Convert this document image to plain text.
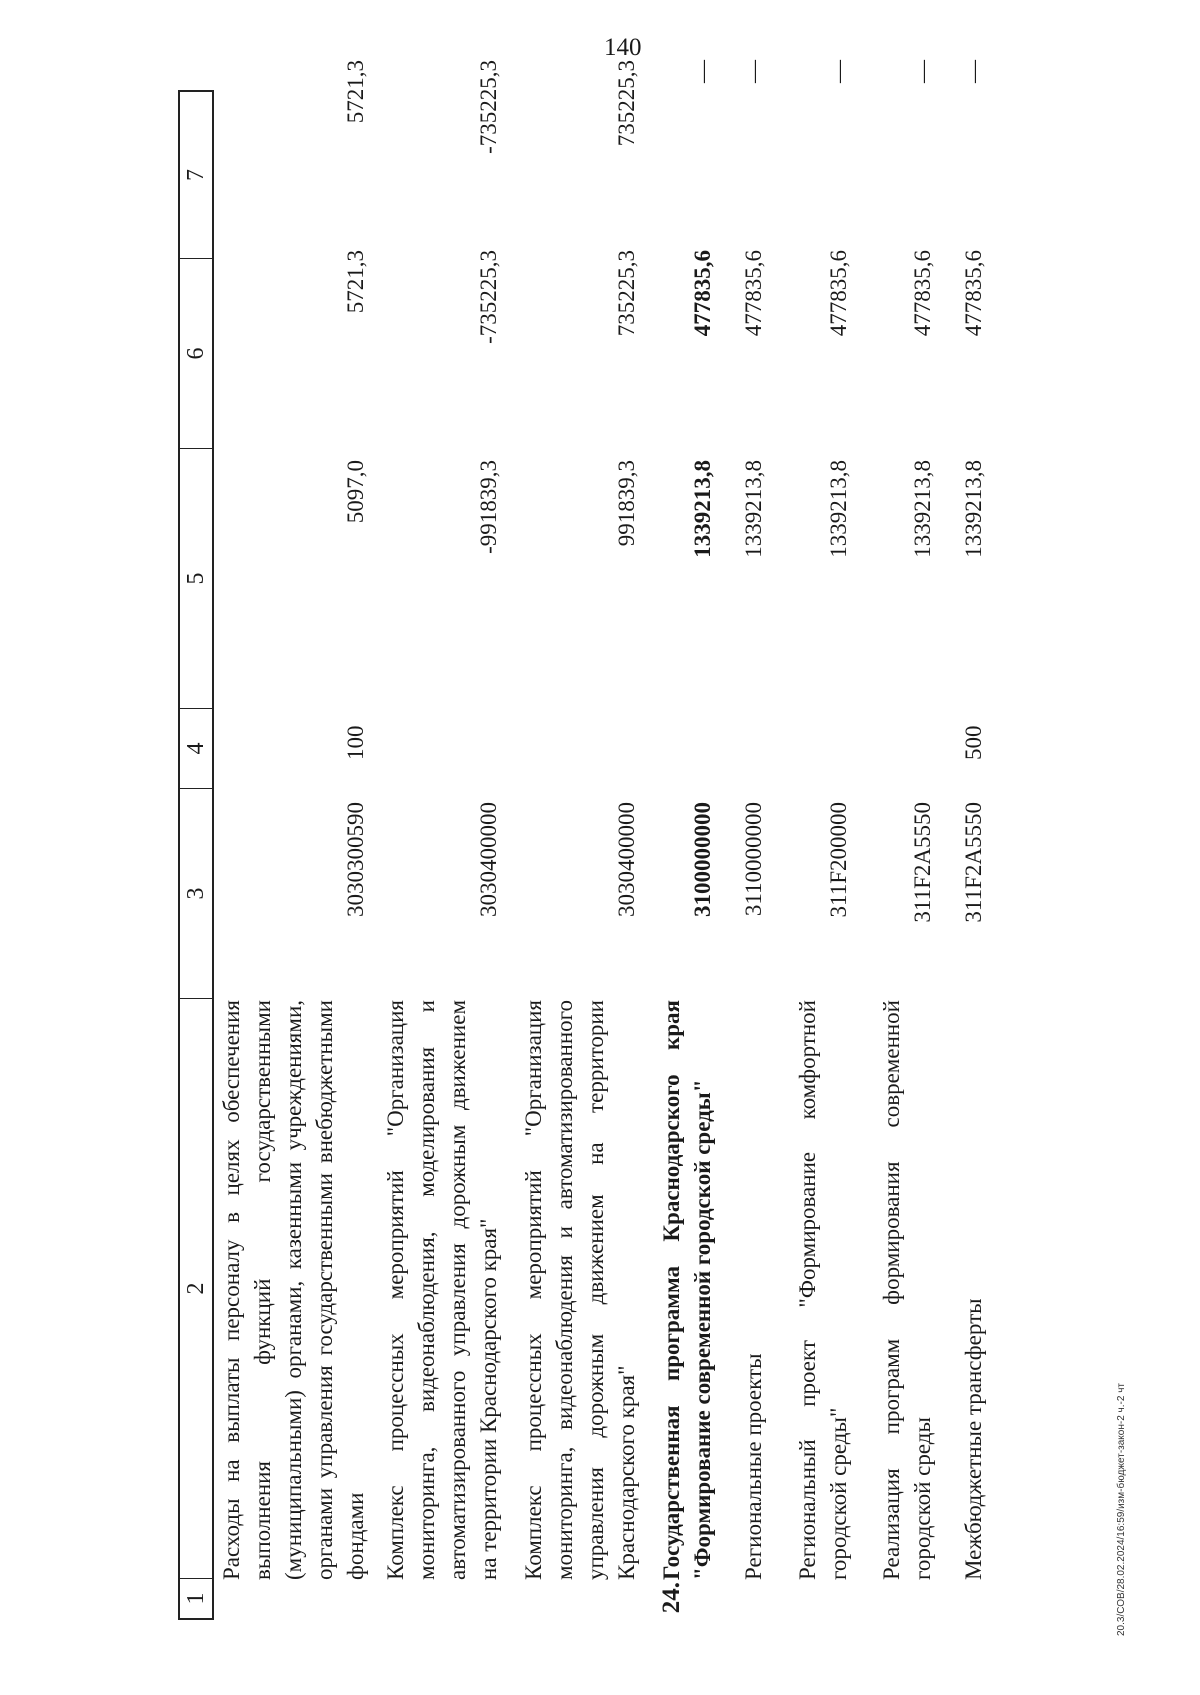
140
20.3/СОВ/28.02.2024/16:59/изм-бюджет-закон-2 ч.-2 чт
1
2
3
4
5
6
7
Расходы на выплаты персоналу в целях обеспечения выполнения функций государственными (муниципальными) органами, казенными учреждениями, органами управления государственными внебюджетными фондами
3030300590
100
5097,0
5721,3
5721,3
Комплекс процессных мероприятий "Организация мониторинга, видеонаблюдения, моделирования и автоматизированного управления дорожным движением на территории Краснодарского края"
3030400000
-991839,3
-735225,3
-735225,3
Комплекс процессных мероприятий "Организация мониторинга, видеонаблюдения и автоматизированного управления дорожным движением на территории Краснодарского края"
3030400000
991839,3
735225,3
735225,3
24.
Государственная программа Краснодарского края "Формирование современной городской среды"
3100000000
1339213,8
477835,6
—
Региональные проекты
3110000000
1339213,8
477835,6
—
Региональный проект "Формирование комфортной городской среды"
311F200000
1339213,8
477835,6
—
Реализация программ формирования современной городской среды
311F2А5550
1339213,8
477835,6
—
Межбюджетные трансферты
311F2А5550
500
1339213,8
477835,6
—
